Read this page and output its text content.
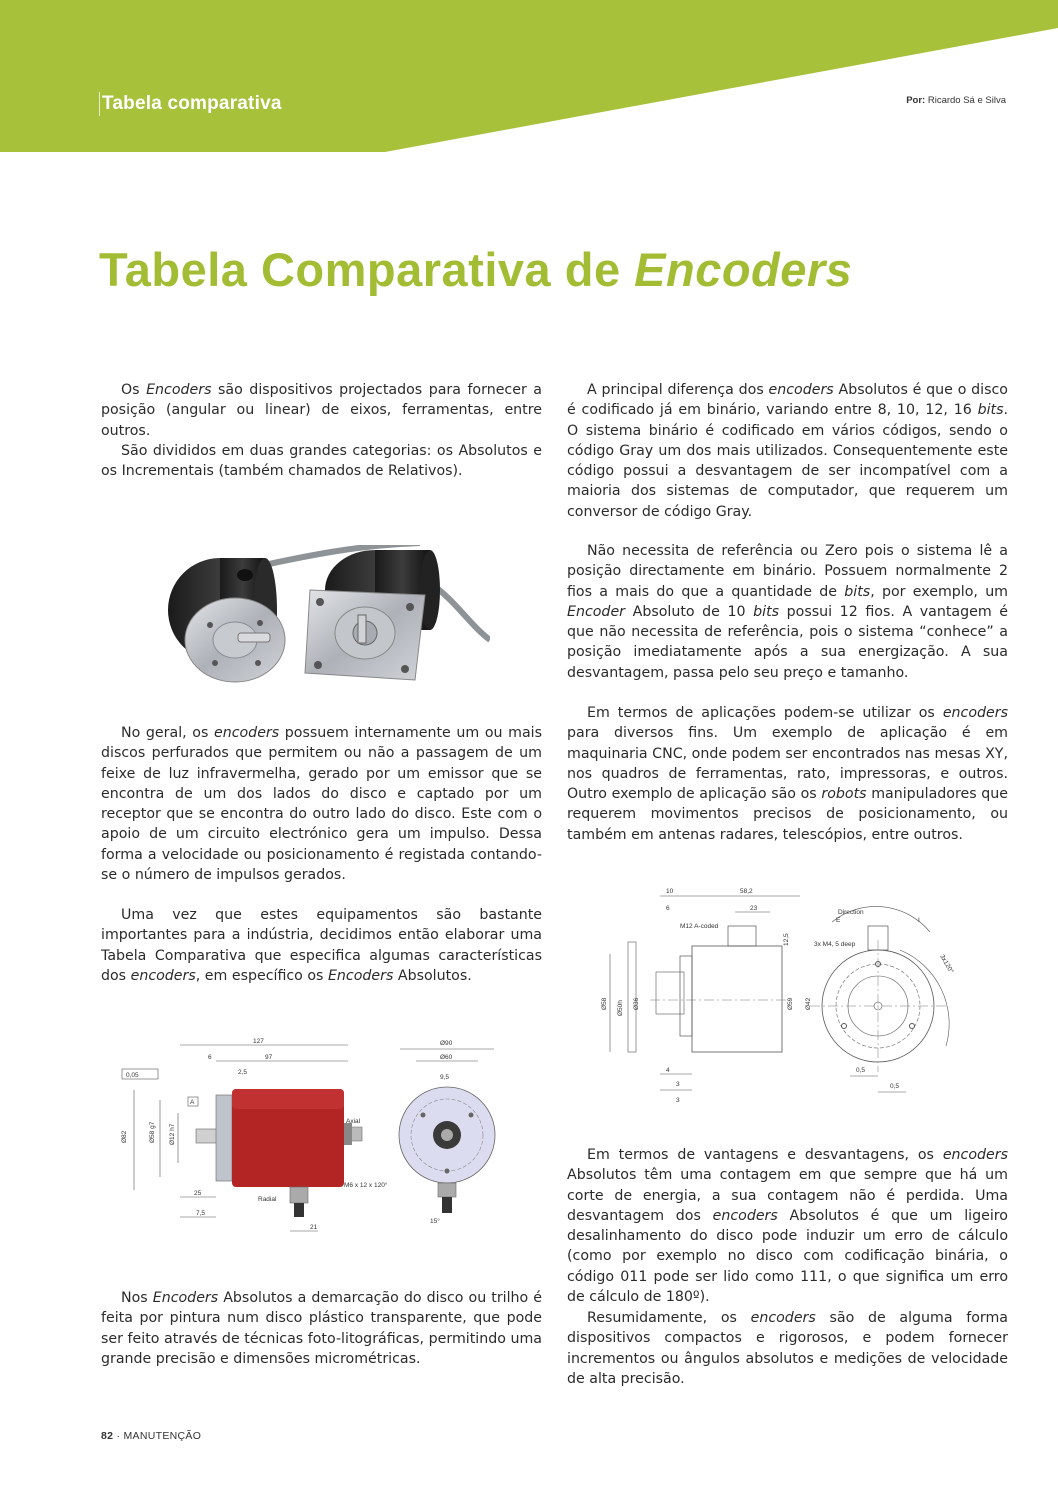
Tabela comparativa	Por: Ricardo Sá e Silva
Tabela Comparativa de Encoders

Os Encoders são dispositivos projectados para fornecer a posição (angular ou linear) de eixos, ferramentas, entre outros.

São divididos em duas grandes categorias: os Absolutos e os Incrementais (também chamados de Relativos).

No geral, os encoders possuem internamente um ou mais discos perfurados que permitem ou não a passagem de um feixe de luz infravermelha, gerado por um emissor que se encontra de um dos lados do disco e captado por um receptor que se encontra do outro lado do disco. Este com o apoio de um circuito electrónico gera um impulso. Dessa forma a velocidade ou posicionamento é registada contando-se o número de impulsos gerados.

Uma vez que estes equipamentos são bastante importantes para a indústria, decidimos então elaborar uma Tabela Comparativa que especifica algumas características dos encoders, em específico os Encoders Absolutos.

Nos Encoders Absolutos a demarcação do disco ou trilho é feita por pintura num disco plástico transparente, que pode ser feito através de técnicas foto-litográficas, permitindo uma grande precisão e dimensões micrométricas.

A principal diferença dos encoders Absolutos é que o disco é codificado já em binário, variando entre 8, 10, 12, 16 bits. O sistema binário é codificado em vários códigos, sendo o código Gray um dos mais utilizados. Consequentemente este código possui a desvantagem de ser incompatível com a maioria dos sistemas de computador, que requerem um conversor de código Gray.

Não necessita de referência ou Zero pois o sistema lê a posição directamente em binário. Possuem normalmente 2 fios a mais do que a quantidade de bits, por exemplo, um Encoder Absoluto de 10 bits possui 12 fios. A vantagem é que não necessita de referência, pois o sistema “conhece” a posição imediatamente após a sua energização. A sua desvantagem, passa pelo seu preço e tamanho.

Em termos de aplicações podem-se utilizar os encoders para diversos fins. Um exemplo de aplicação é em maquinaria CNC, onde podem ser encontrados nas mesas XY, nos quadros de ferramentas, rato, impressoras, e outros. Outro exemplo de aplicação são os robots manipuladores que requerem movimentos precisos de posicionamento, ou também em antenas radares, telescópios, entre outros.

Em termos de vantagens e desvantagens, os encoders Absolutos têm uma contagem em que sempre que há um corte de energia, a sua contagem não é perdida. Uma desvantagem dos encoders Absolutos é que um ligeiro desalinhamento do disco pode induzir um erro de cálculo (como por exemplo no disco com codificação binária, o código 011 pode ser lido como 111, o que significa um erro de cálculo de 180º).

Resumidamente, os encoders são de alguma forma dispositivos compactos e rigorosos, e podem fornecer incrementos ou ângulos absolutos e medições de velocidade de alta precisão.

127
97
6
2,5
0,05
A
Ø82	Ø58 g7 Ø12 h7
Axial
Radial
25
7,5
21
Ø90
Ø60
9,5
M6 x 12 x 120°
15°
10	58,2
6	23
M12 A-coded
12,5
Ø58 Ø50h Ø36	Ø59 Ø42
4
3
3
Direction
E	I
3x M4, 5 deep
3x120°
0,5
0,5
82 · MANUTENÇÃO
